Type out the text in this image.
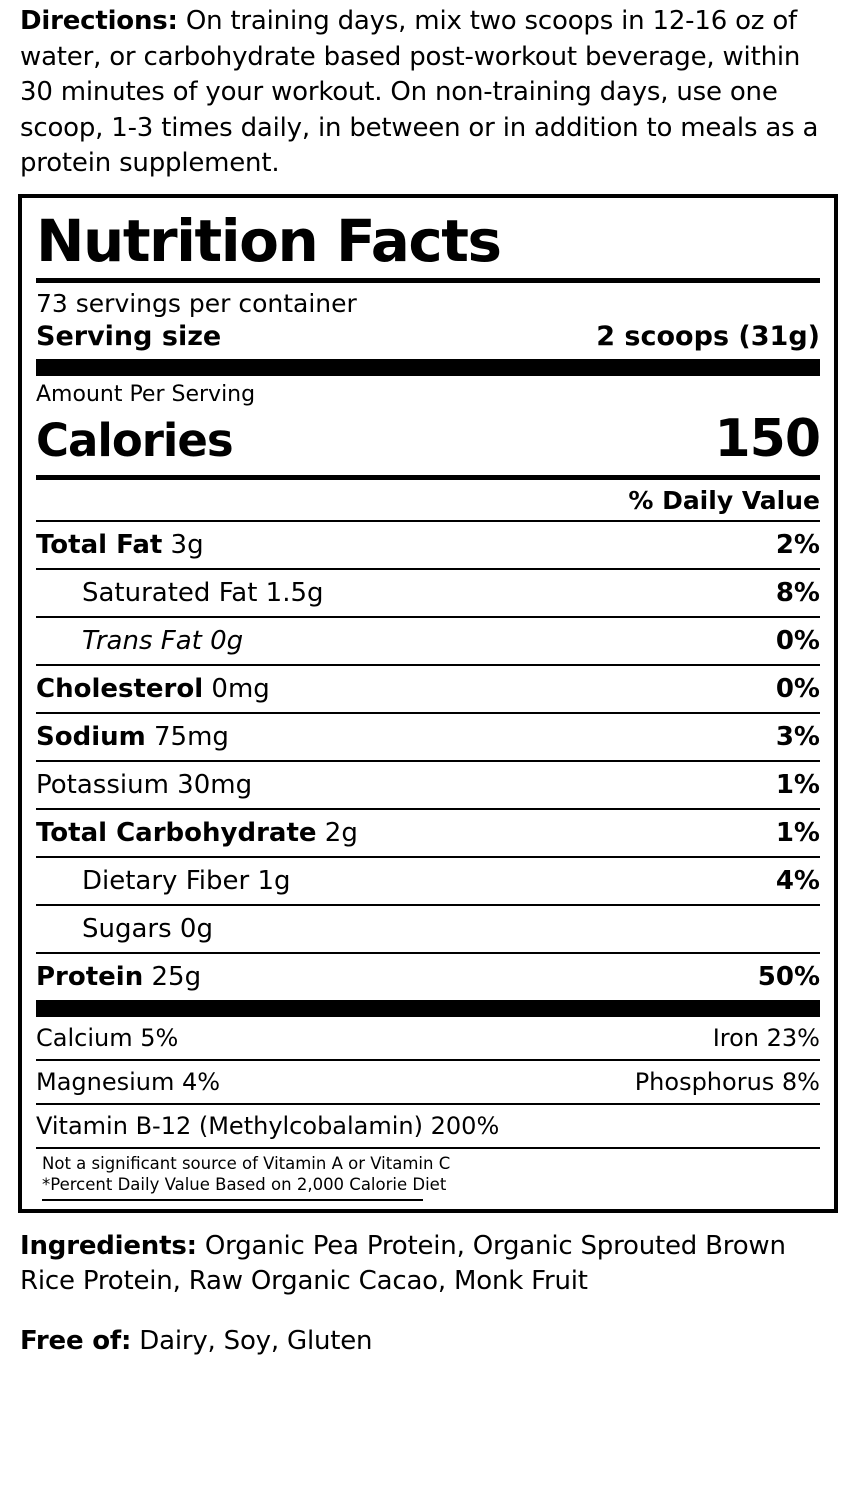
Directions: On training days, mix two scoops in 12-16 oz of water, or carbohydrate based post-workout beverage, within 30 minutes of your workout. On non-training days, use one scoop, 1-3 times daily, in between or in addition to meals as a protein supplement.
Nutrition Facts
73 servings per container
Serving size	2 scoops (31g)
Amount Per Serving
Calories	150
% Daily Value
Total Fat 3g	2%
Saturated Fat 1.5g	8%
Trans Fat 0g	0%
Cholesterol 0mg	0%
Sodium 75mg	3%
Potassium 30mg	1%
Total Carbohydrate 2g	1%
Dietary Fiber 1g	4%
Sugars 0g
Protein 25g	50%
Calcium 5%	Iron 23%
Magnesium 4%	Phosphorus 8%
Vitamin B-12 (Methylcobalamin) 200%
Not a significant source of Vitamin A or Vitamin C
*Percent Daily Value Based on 2,000 Calorie Diet
Ingredients: Organic Pea Protein, Organic Sprouted Brown Rice Protein, Raw Organic Cacao, Monk Fruit
Free of: Dairy, Soy, Gluten
